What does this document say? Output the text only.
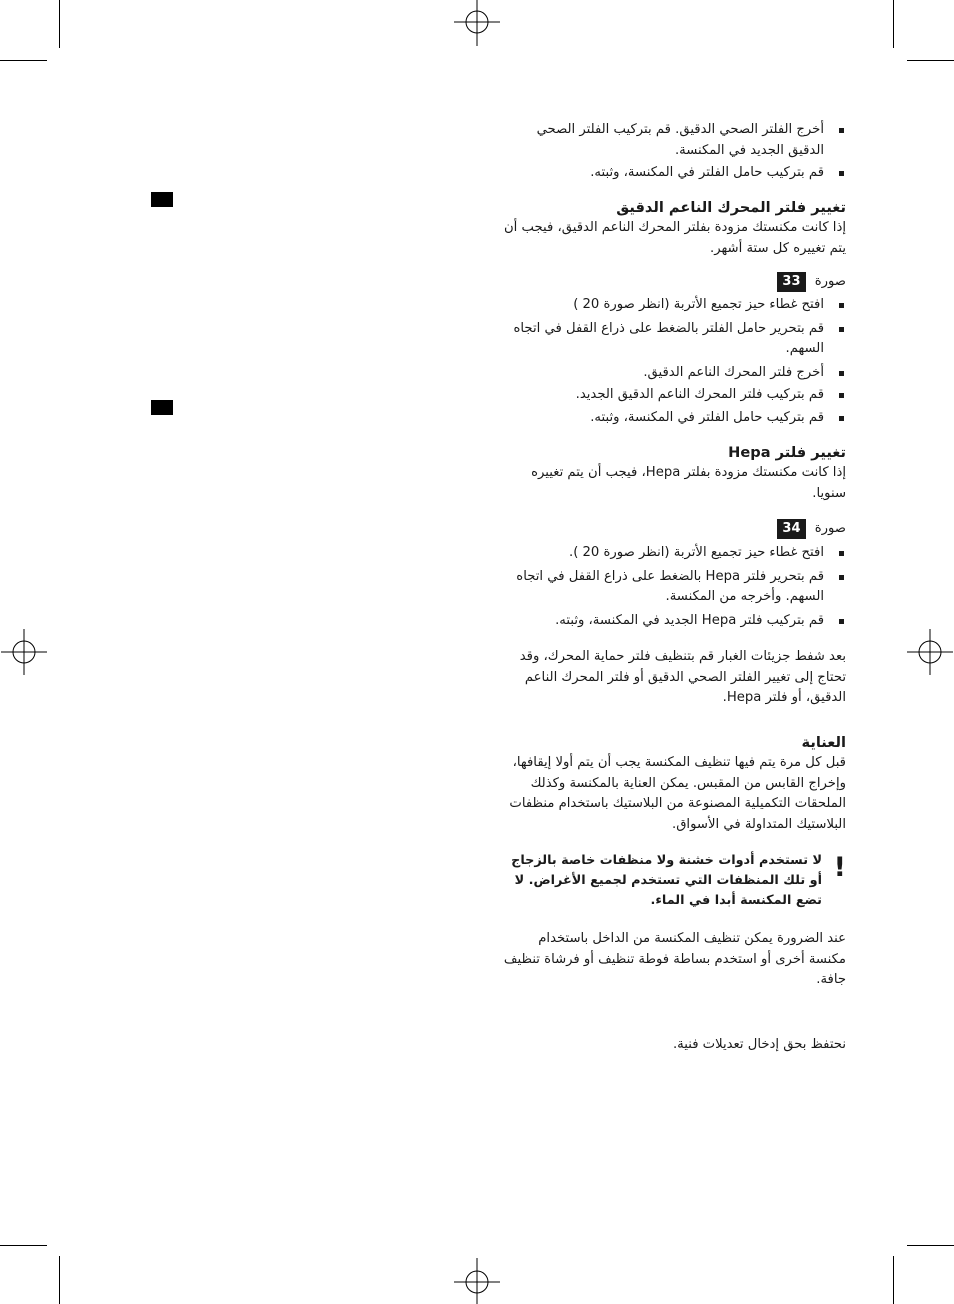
أخرج الفلتر الصحي الدقيق. قم بتركيب الفلتر الصحي الدقيق الجديد في المكنسة.
قم بتركيب حامل الفلتر في المكنسة، وثبته.
تغيير فلتر المحرك الناعم الدقيق

إذا كانت مكنستك مزودة بفلتر المحرك الناعم الدقيق، فيجب أن يتم تغييره كل ستة أشهر.

صورة 33
افتح غطاء حيز تجميع الأتربة (انظر صورة 20 )
قم بتحرير حامل الفلتر بالضغط على ذراع القفل في اتجاه السهم.
أخرج فلتر المحرك الناعم الدقيق.
قم بتركيب فلتر المحرك الناعم الدقيق الجديد.
قم بتركيب حامل الفلتر في المكنسة، وثبته.
تغيير فلتر Hepa

إذا كانت مكنستك مزودة بفلتر Hepa، فيجب أن يتم تغييره سنويا.

صورة 34
افتح غطاء حيز تجميع الأتربة (انظر صورة 20 ).
قم بتحرير فلتر Hepa بالضغط على ذراع القفل في اتجاه السهم. وأخرجه من المكنسة.
قم بتركيب فلتر Hepa الجديد في المكنسة، وثبته.

بعد شفط جزيئات الغبار قم بتنظيف فلتر حماية المحرك، وقد تحتاج إلى تغيير الفلتر الصحي الدقيق أو فلتر المحرك الناعم الدقيق، أو فلتر Hepa.

العناية

قبل كل مرة يتم فيها تنظيف المكنسة يجب أن يتم أولا إيقافها، وإخراج القابس من المقبس. يمكن العناية بالمكنسة وكذلك الملحقات التكميلية المصنوعة من البلاستيك باستخدام منظفات البلاستيك المتداولة في الأسواق.

!
لا تستخدم أدوات خشنة ولا منظفات خاصة بالزجاج أو تلك المنظفات التي تستخدم لجميع الأغراض. لا تضع المكنسة أبدا في الماء.

عند الضرورة يمكن تنظيف المكنسة من الداخل باستخدام مكنسة أخرى أو استخدم بساطة فوطة تنظيف أو فرشاة تنظيف جافة.

نحتفظ بحق إدخال تعديلات فنية.
